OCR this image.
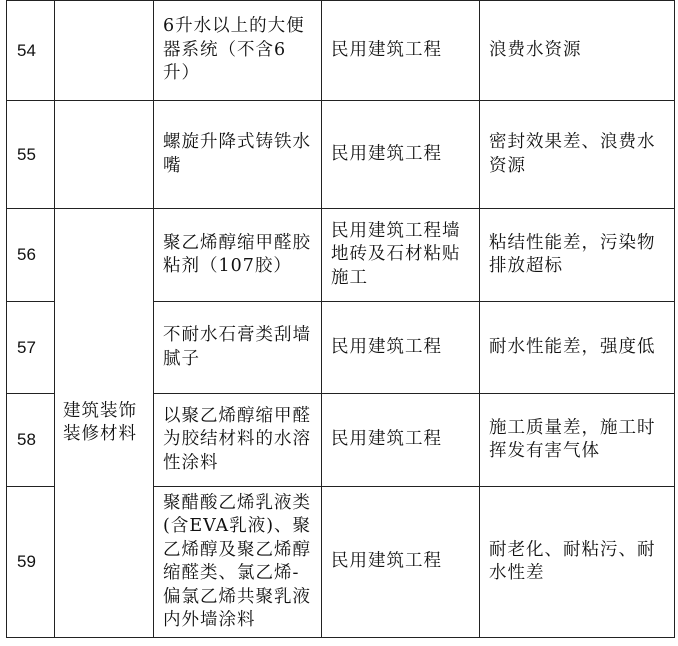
54		6升水以上的大便器系统（不含6升）	民用建筑工程	浪费水资源
55		螺旋升降式铸铁水嘴	民用建筑工程	密封效果差、浪费水资源
56	建筑装饰装修材料	聚乙烯醇缩甲醛胶粘剂（107胶）	民用建筑工程墙地砖及石材粘贴施工	粘结性能差，污染物排放超标
57		不耐水石膏类刮墙腻子	民用建筑工程	耐水性能差，强度低
58		以聚乙烯醇缩甲醛为胶结材料的水溶性涂料	民用建筑工程	施工质量差，施工时挥发有害气体
59		聚醋酸乙烯乳液类(含EVA乳液)、聚乙烯醇及聚乙烯醇缩醛类、氯乙烯-偏氯乙烯共聚乳液内外墙涂料	民用建筑工程	耐老化、耐粘污、耐水性差
